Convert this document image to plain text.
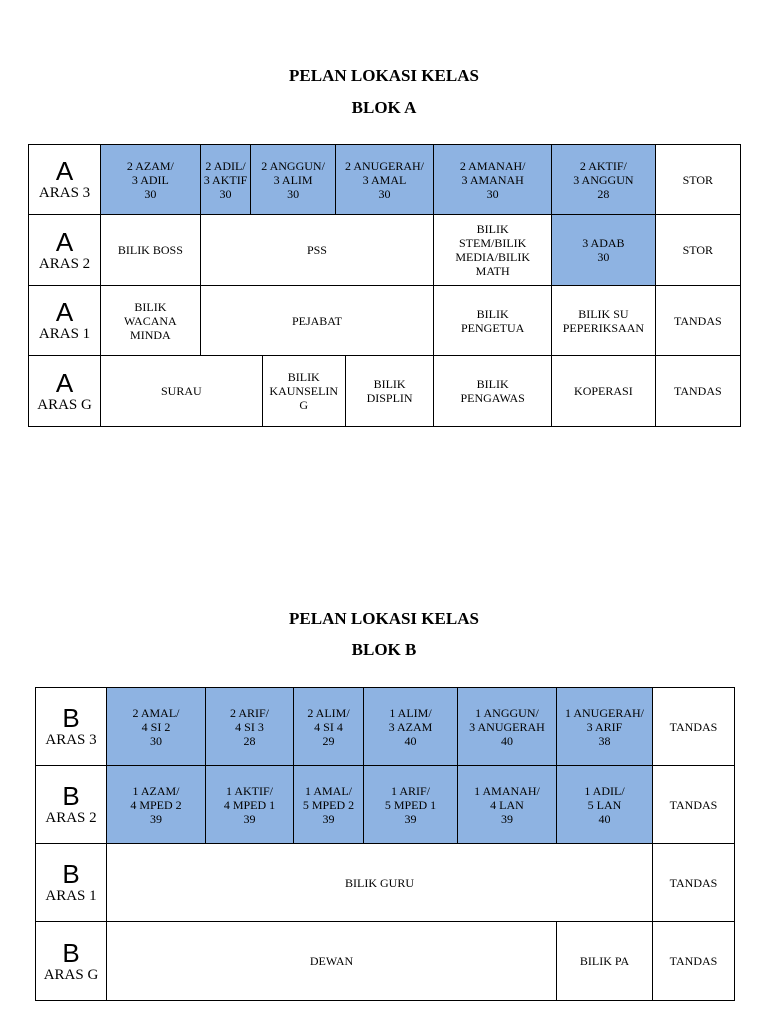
PELAN LOKASI KELAS
BLOK A
A
ARAS 3	2 AZAM/
3 ADIL
30	2 ADIL/
3 AKTIF
30	2 ANGGUN/
3 ALIM
30		2 ANUGERAH/
3 AMAL
30		2 AMANAH/
3 AMANAH
30	2 AKTIF/
3 ANGGUN
28	STOR

A
ARAS 2	BILIK BOSS	PSS					BILIK
STEM/BILIK
MEDIA/BILIK
MATH	3 ADAB
30	STOR

A
ARAS 1	BILIK
WACANA
MINDA	PEJABAT					BILIK
PENGETUA	BILIK SU
PEPERIKSAAN	TANDAS

A
ARAS G	SURAU			BILIK
KAUNSELIN
G		BILIK
DISPLIN	BILIK
PENGAWAS	KOPERASI	TANDAS
PELAN LOKASI KELAS
BLOK B
B
ARAS 3	2 AMAL/
4 SI 2
30	2 ARIF/
4 SI 3
28	2 ALIM/
4 SI 4
29	1 ALIM/
3 AZAM
40	1 ANGGUN/
3 ANUGERAH
40	1 ANUGERAH/
3 ARIF
38	TANDAS

B
ARAS 2	1 AZAM/
4 MPED 2
39	1 AKTIF/
4 MPED 1
39	1 AMAL/
5 MPED 2
39	1 ARIF/
5 MPED 1
39	1 AMANAH/
4 LAN
39	1 ADIL/
5 LAN
40	TANDAS

B
ARAS 1	BILIK GURU						TANDAS

B
ARAS G	DEWAN					BILIK PA	TANDAS
